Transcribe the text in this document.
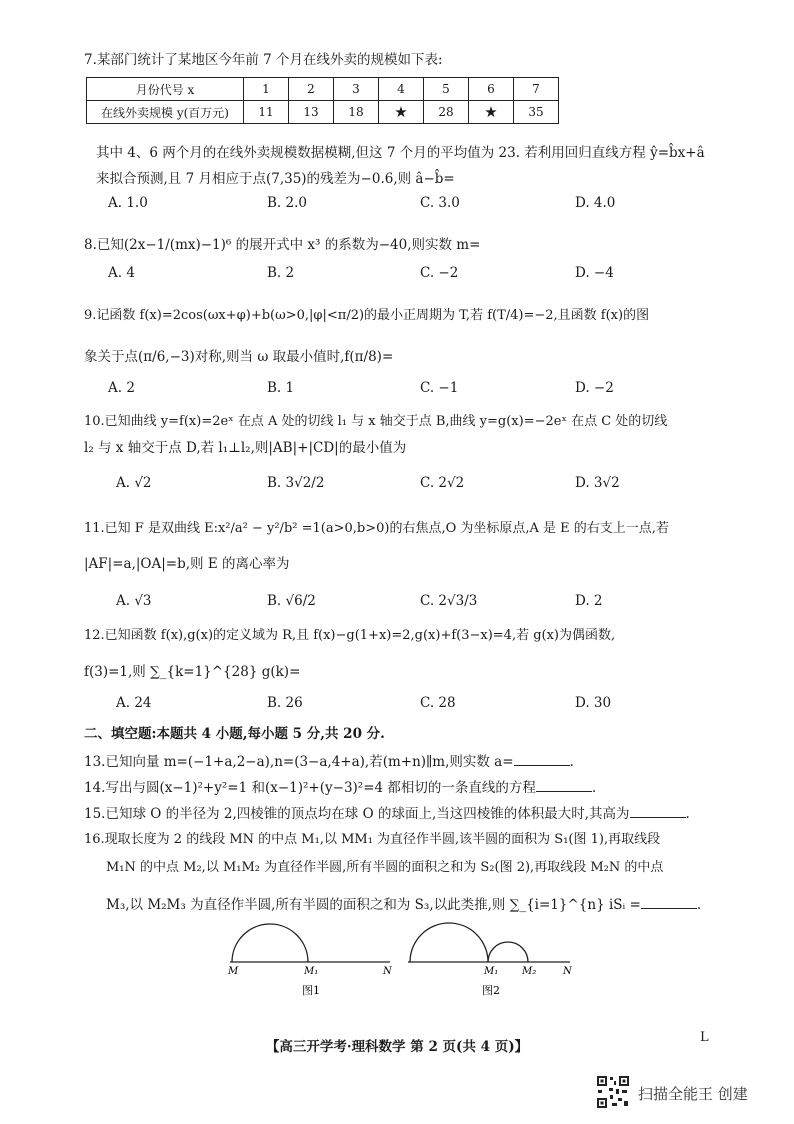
7.某部门统计了某地区今年前 7 个月在线外卖的规模如下表:
月份代号 x	1	2	3	4	5	6	7
在线外卖规模 y(百万元)	11	13	18	★	28	★	35
其中 4、6 两个月的在线外卖规模数据模糊,但这 7 个月的平均值为 23. 若利用回归直线方程 ŷ=b̂x+â
来拟合预测,且 7 月相应于点(7,35)的残差为−0.6,则 â−b̂=
A. 1.0	B. 2.0	C. 3.0	D. 4.0
8.已知(2x−1/(mx)−1)⁶ 的展开式中 x³ 的系数为−40,则实数 m=
A. 4	B. 2	C. −2	D. −4
9.记函数 f(x)=2cos(ωx+φ)+b(ω>0,|φ|<π/2)的最小正周期为 T,若 f(T/4)=−2,且函数 f(x)的图
象关于点(π/6,−3)对称,则当 ω 取最小值时,f(π/8)=
A. 2	B. 1	C. −1	D. −2
10.已知曲线 y=f(x)=2eˣ 在点 A 处的切线 l₁ 与 x 轴交于点 B,曲线 y=g(x)=−2eˣ 在点 C 处的切线
l₂ 与 x 轴交于点 D,若 l₁⊥l₂,则|AB|+|CD|的最小值为
A. √2	B. 3√2/2	C. 2√2	D. 3√2
11.已知 F 是双曲线 E:x²/a² − y²/b² =1(a>0,b>0)的右焦点,O 为坐标原点,A 是 E 的右支上一点,若
|AF|=a,|OA|=b,则 E 的离心率为
A. √3	B. √6/2	C. 2√3/3	D. 2
12.已知函数 f(x),g(x)的定义域为 R,且 f(x)−g(1+x)=2,g(x)+f(3−x)=4,若 g(x)为偶函数,
f(3)=1,则 ∑_{k=1}^{28} g(k)=
A. 24	B. 26	C. 28	D. 30
二、填空题:本题共 4 小题,每小题 5 分,共 20 分.
13.已知向量 m=(−1+a,2−a),n=(3−a,4+a),若(m+n)∥m,则实数 a=	.
14.写出与圆(x−1)²+y²=1 和(x−1)²+(y−3)²=4 都相切的一条直线的方程	.
15.已知球 O 的半径为 2,四棱锥的顶点均在球 O 的球面上,当这四棱锥的体积最大时,其高为	.
16.现取长度为 2 的线段 MN 的中点 M₁,以 MM₁ 为直径作半圆,该半圆的面积为 S₁(图 1),再取线段
M₁N 的中点 M₂,以 M₁M₂ 为直径作半圆,所有半圆的面积之和为 S₂(图 2),再取线段 M₂N 的中点
M₃,以 M₂M₃ 为直径作半圆,所有半圆的面积之和为 S₃,以此类推,则 ∑_{i=1}^{n} iSᵢ =	.
M	M₁	N
图1
M₁ M₂	N
图2
【高三开学考·理科数学 第 2 页(共 4 页)】
L
扫描全能王 创建
